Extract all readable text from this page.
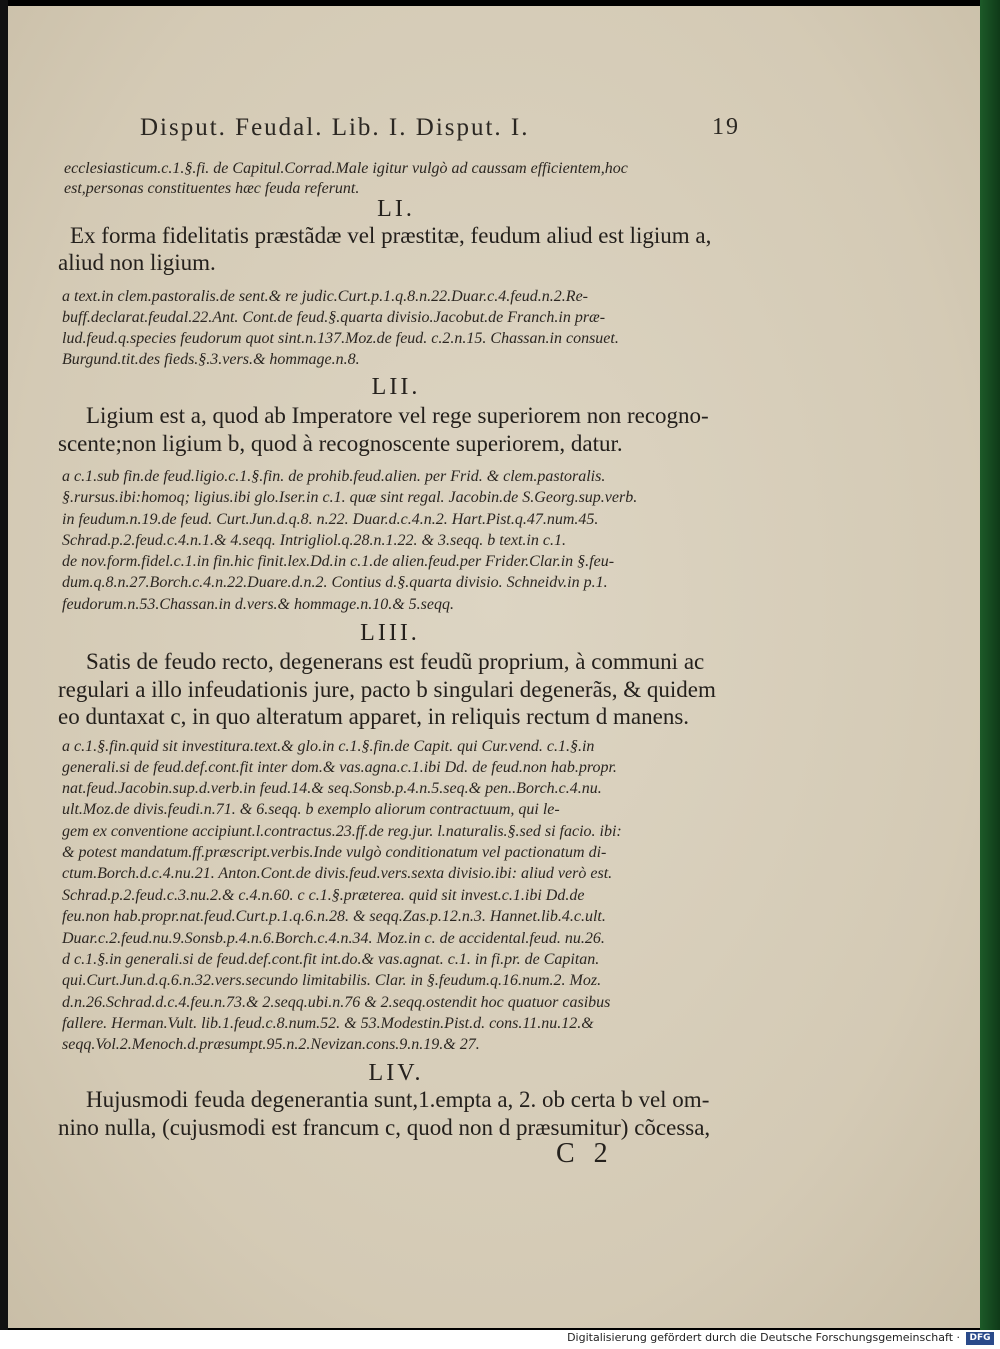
Disput. Feudal. Lib. I. Disput. I.	19
ecclesiasticum.c.1.§.fi. de Capitul.Corrad.Male igitur vulgò ad caussam efficientem,hoc
est,personas constituentes hæc feuda referunt.
LI.
Ex forma fidelitatis præstãdæ vel præstitæ, feudum aliud est ligium a,
aliud non ligium.
a text.in clem.pastoralis.de sent.& re judic.Curt.p.1.q.8.n.22.Duar.c.4.feud.n.2.Re-
buff.declarat.feudal.22.Ant. Cont.de feud.§.quarta divisio.Jacobut.de Franch.in præ-
lud.feud.q.species feudorum quot sint.n.137.Moz.de feud. c.2.n.15. Chassan.in consuet.
Burgund.tit.des fieds.§.3.vers.& hommage.n.8.
LII.
Ligium est a, quod ab Imperatore vel rege superiorem non recogno-
scente;non ligium b, quod à recognoscente superiorem, datur.
a c.1.sub fin.de feud.ligio.c.1.§.fin. de prohib.feud.alien. per Frid. & clem.pastoralis.
§.rursus.ibi:homoq; ligius.ibi glo.Iser.in c.1. quæ sint regal. Jacobin.de S.Georg.sup.verb.
in feudum.n.19.de feud. Curt.Jun.d.q.8. n.22. Duar.d.c.4.n.2. Hart.Pist.q.47.num.45.
Schrad.p.2.feud.c.4.n.1.& 4.seqq. Intrigliol.q.28.n.1.22. & 3.seqq. b text.in c.1.
de nov.form.fidel.c.1.in fin.hic finit.lex.Dd.in c.1.de alien.feud.per Frider.Clar.in §.feu-
dum.q.8.n.27.Borch.c.4.n.22.Duare.d.n.2. Contius d.§.quarta divisio. Schneidv.in p.1.
feudorum.n.53.Chassan.in d.vers.& hommage.n.10.& 5.seqq.
LIII.
Satis de feudo recto, degenerans est feudũ proprium, à communi ac
regulari a illo infeudationis jure, pacto b singulari degenerãs, & quidem
eo duntaxat c, in quo alteratum apparet, in reliquis rectum d manens.
a c.1.§.fin.quid sit investitura.text.& glo.in c.1.§.fin.de Capit. qui Cur.vend. c.1.§.in
generali.si de feud.def.cont.fit inter dom.& vas.agna.c.1.ibi Dd. de feud.non hab.propr.
nat.feud.Jacobin.sup.d.verb.in feud.14.& seq.Sonsb.p.4.n.5.seq.& pen..Borch.c.4.nu.
ult.Moz.de divis.feudi.n.71. & 6.seqq. b exemplo aliorum contractuum, qui le-
gem ex conventione accipiunt.l.contractus.23.ff.de reg.jur. l.naturalis.§.sed si facio. ibi:
& potest mandatum.ff.præscript.verbis.Inde vulgò conditionatum vel pactionatum di-
ctum.Borch.d.c.4.nu.21. Anton.Cont.de divis.feud.vers.sexta divisio.ibi: aliud verò est.
Schrad.p.2.feud.c.3.nu.2.& c.4.n.60. c c.1.§.præterea. quid sit invest.c.1.ibi Dd.de
feu.non hab.propr.nat.feud.Curt.p.1.q.6.n.28. & seqq.Zas.p.12.n.3. Hannet.lib.4.c.ult.
Duar.c.2.feud.nu.9.Sonsb.p.4.n.6.Borch.c.4.n.34. Moz.in c. de accidental.feud. nu.26.
d c.1.§.in generali.si de feud.def.cont.fit int.do.& vas.agnat. c.1. in fi.pr. de Capitan.
qui.Curt.Jun.d.q.6.n.32.vers.secundo limitabilis. Clar. in §.feudum.q.16.num.2. Moz.
d.n.26.Schrad.d.c.4.feu.n.73.& 2.seqq.ubi.n.76 & 2.seqq.ostendit hoc quatuor casibus
fallere. Herman.Vult. lib.1.feud.c.8.num.52. & 53.Modestin.Pist.d. cons.11.nu.12.&
seqq.Vol.2.Menoch.d.præsumpt.95.n.2.Nevizan.cons.9.n.19.& 27.
LIV.
Hujusmodi feuda degenerantia sunt,1.empta a, 2. ob certa b vel om-
nino nulla, (cujusmodi est francum c, quod non d præsumitur) cõcessa,
C 2
Digitalisierung gefördert durch die Deutsche Forschungsgemeinschaft ·	DFG
